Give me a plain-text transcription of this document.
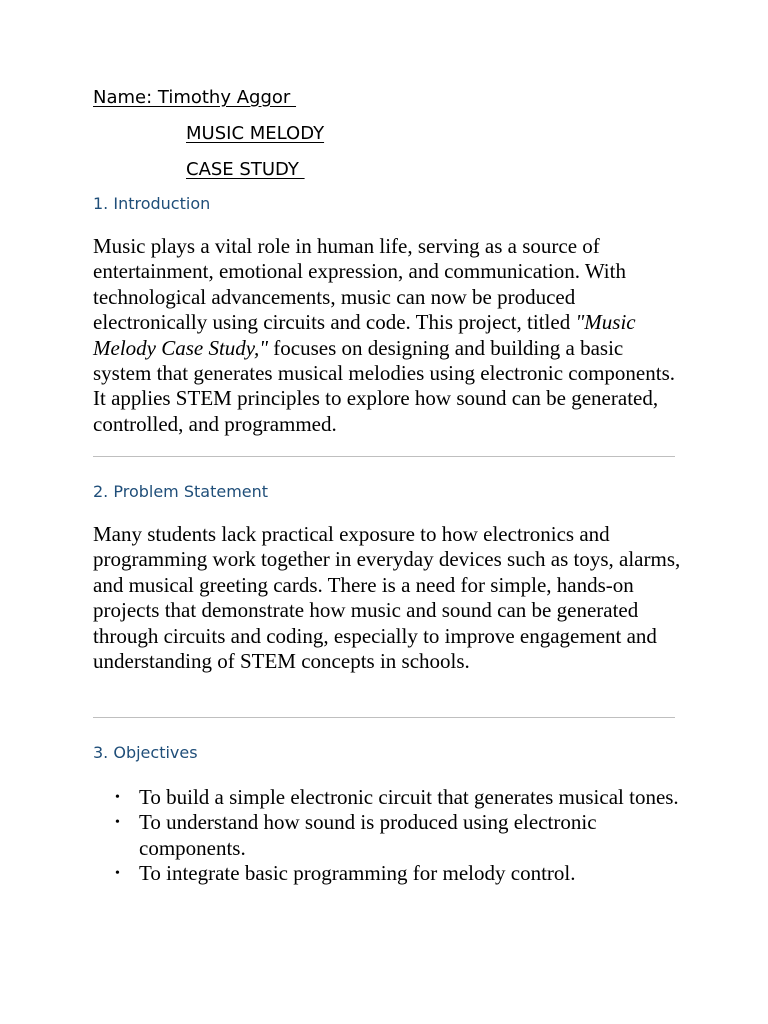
Name: Timothy Aggor
MUSIC MELODY
CASE STUDY
1. Introduction

Music plays a vital role in human life, serving as a source of entertainment, emotional expression, and communication. With technological advancements, music can now be produced electronically using circuits and code. This project, titled "Music Melody Case Study," focuses on designing and building a basic system that generates musical melodies using electronic components. It applies STEM principles to explore how sound can be generated, controlled, and programmed.

2. Problem Statement

Many students lack practical exposure to how electronics and programming work together in everyday devices such as toys, alarms, and musical greeting cards. There is a need for simple, hands-on projects that demonstrate how music and sound can be generated through circuits and coding, especially to improve engagement and understanding of STEM concepts in schools.

3. Objectives
• To build a simple electronic circuit that generates musical tones.
• To understand how sound is produced using electronic components.
• To integrate basic programming for melody control.
